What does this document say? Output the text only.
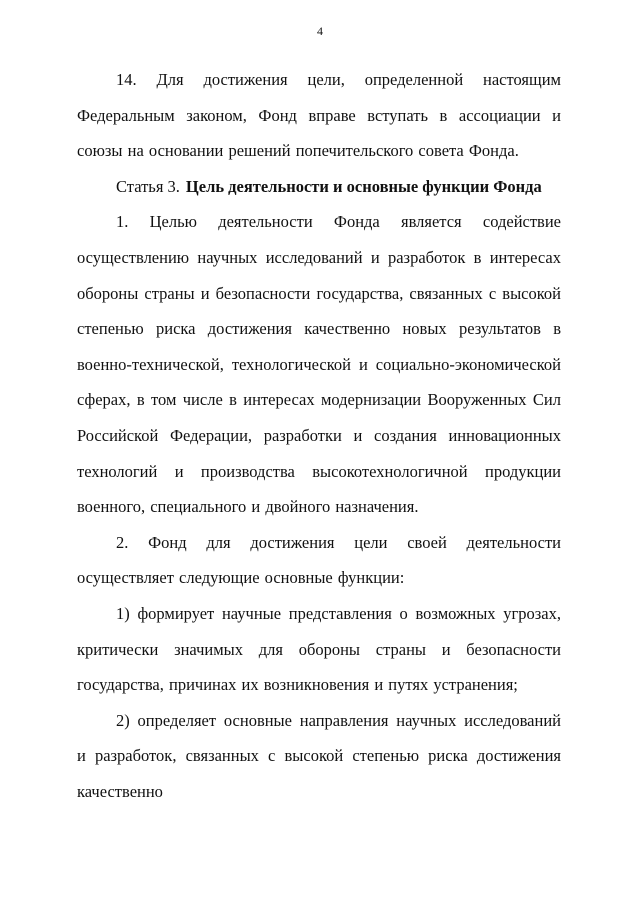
4

14. Для достижения цели, определенной настоящим Федеральным законом, Фонд вправе вступать в ассоциации и союзы на основании решений попечительского совета Фонда.

Статья 3. Цель деятельности и основные функции Фонда

1. Целью деятельности Фонда является содействие осуществлению научных исследований и разработок в интересах обороны страны и безопасности государства, связанных с высокой степенью риска достижения качественно новых результатов в военно-технической, технологической и социально-экономической сферах, в том числе в интересах модернизации Вооруженных Сил Российской Федерации, разработки и создания инновационных технологий и производства высокотехнологичной продукции военного, специального и двойного назначения.

2. Фонд для достижения цели своей деятельности осуществляет следующие основные функции:

1) формирует научные представления о возможных угрозах, критически значимых для обороны страны и безопасности государства, причинах их возникновения и путях устранения;

2) определяет основные направления научных исследований и разработок, связанных с высокой степенью риска достижения качественно
